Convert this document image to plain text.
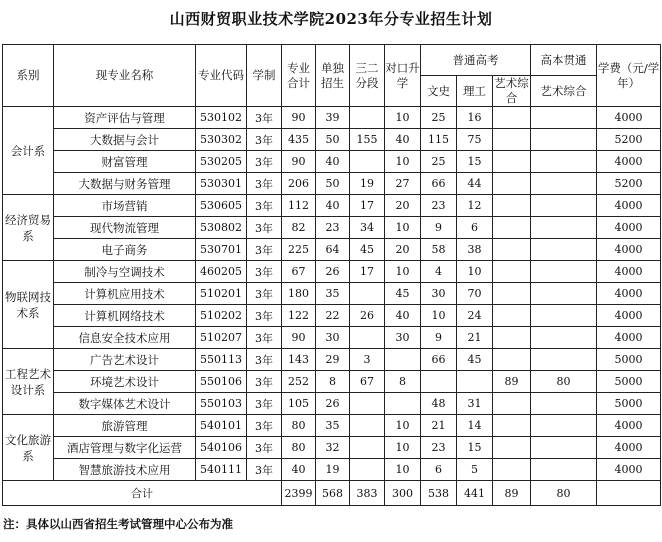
山西财贸职业技术学院2023年分专业招生计划
系别	现专业名称	专业代码	学制	专业合计	单独招生	三二分段	对口升学	普通高考			高本贯通	学费（元/学年）
								文史	理工	艺术综合	艺术综合	
会计系	资产评估与管理	530102	3年	90	39		10	25	16			4000
	大数据与会计	530302	3年	435	50	155	40	115	75			5200
	财富管理	530205	3年	90	40		10	25	15			4000
	大数据与财务管理	530301	3年	206	50	19	27	66	44			5200
经济贸易系	市场营销	530605	3年	112	40	17	20	23	12			4000
	现代物流管理	530802	3年	82	23	34	10	9	6			4000
	电子商务	530701	3年	225	64	45	20	58	38			4000
物联网技术系	制冷与空调技术	460205	3年	67	26	17	10	4	10			4000
	计算机应用技术	510201	3年	180	35		45	30	70			4000
	计算机网络技术	510202	3年	122	22	26	40	10	24			4000
	信息安全技术应用	510207	3年	90	30		30	9	21			4000
工程艺术设计系	广告艺术设计	550113	3年	143	29	3		66	45			5000
	环境艺术设计	550106	3年	252	8	67	8			89	80	5000
	数字媒体艺术设计	550103	3年	105	26			48	31			5000
文化旅游系	旅游管理	540101	3年	80	35		10	21	14			4000
	酒店管理与数字化运营	540106	3年	80	32		10	23	15			4000
	智慧旅游技术应用	540111	3年	40	19		10	6	5			4000
合计				2399	568	383	300	538	441	89	80	
注：具体以山西省招生考试管理中心公布为准
